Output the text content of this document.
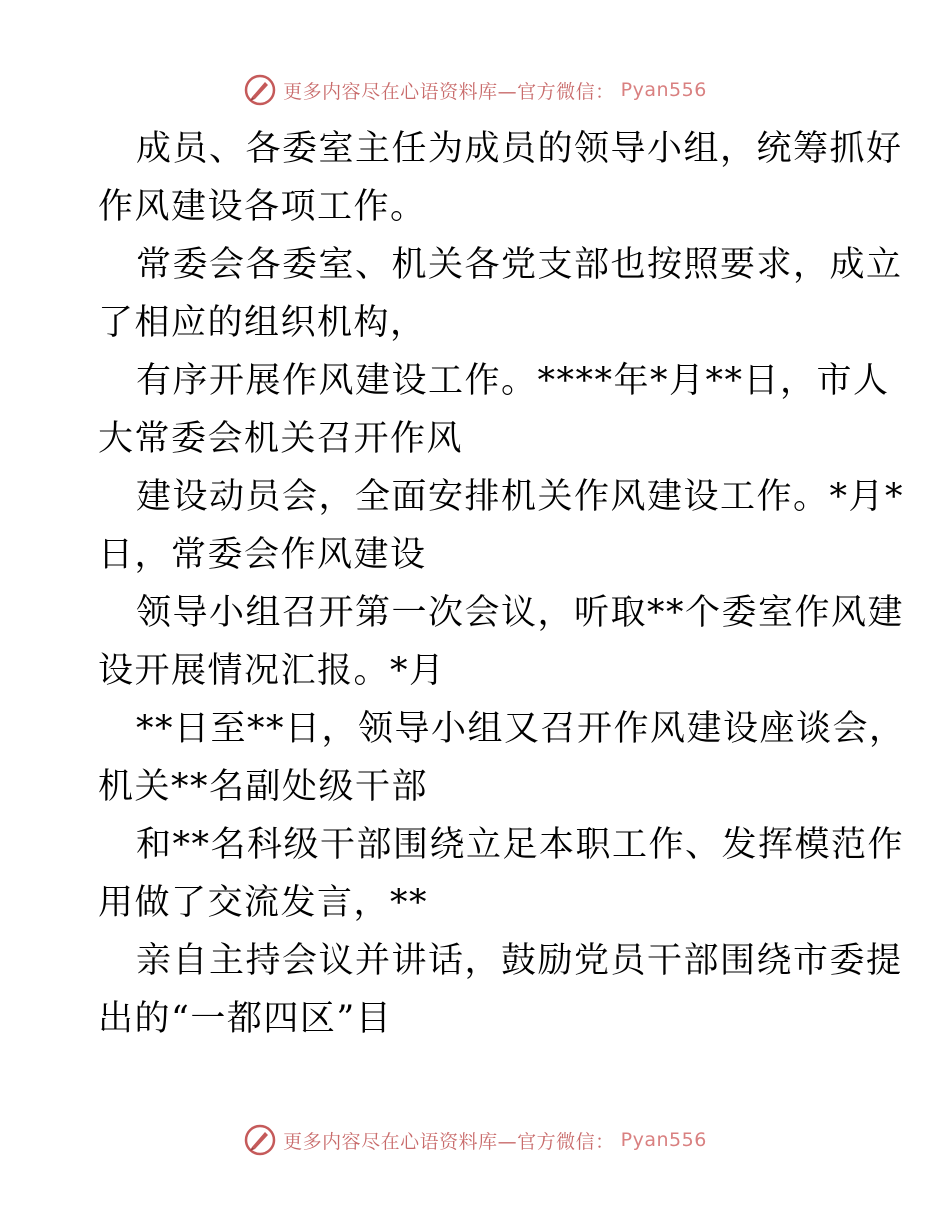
更多内容尽在心语资料库—官方微信： Pyan556
成员、各委室主任为成员的领导小组，统筹抓好
作风建设各项工作。
常委会各委室、机关各党支部也按照要求，成立
了相应的组织机构，
有序开展作风建设工作。****年*月**日，市人
大常委会机关召开作风
建设动员会，全面安排机关作风建设工作。*月*
日，常委会作风建设
领导小组召开第一次会议，听取**个委室作风建
设开展情况汇报。*月
**日至**日，领导小组又召开作风建设座谈会，
机关**名副处级干部
和**名科级干部围绕立足本职工作、发挥模范作
用做了交流发言，**
亲自主持会议并讲话，鼓励党员干部围绕市委提
出的“一都四区”目
更多内容尽在心语资料库—官方微信： Pyan556
